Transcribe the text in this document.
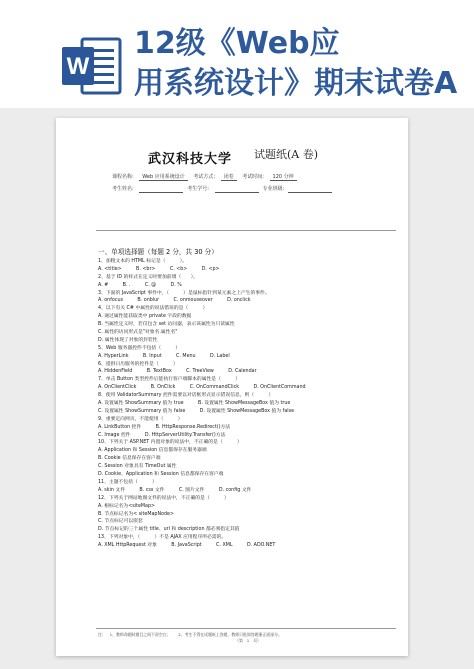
W
12级《Web应
用系统设计》期末试卷A
武汉科技大学 试题纸(A 卷)
课程名称: Web 应用系统设计 考试方式: 闭卷 考试时间: 120 分钟
考生姓名:	考生学号:	专业班级:
一、单项选择题（每题 2 分，共 30 分）
1、加粗文本的 HTML 标记是（　　　）。
A. <title>　　　B. <br>　　　C. <b>　　　D. <p>
2、基于 ID 的样式在定义时要加前缀（　　）。
A. #　　　B. .　　　C. @　　　D. %
3、下面的 JavaScript 事件中，（　　　）是鼠标指针到某元素之上产生的事件。
A. onfocus　　　B. onblur　　　C. onmouseover　　　D. onclick
4、以下有关 C# 中属性的说法错误的是（　　　）
A. 通过属性能获取类中 private 字段的数据
B. 当属性定义时，若仅包含 set 访问器，表示该属性为只读属性
C. 属性的访问形式是"对象名.属性名"
D. 属性体现了对象的封装性
5、Web 服务器控件不包括（　　　）
A. HyperLink　　　B. Input　　　C. Menu　　　D. Label
6、提供日历服务的控件是（　　　）
A. HiddenField　　　B. TextBox　　　C. TreeView　　　D. Calendar
7、单击 Button 类型控件后能执行客户端脚本的属性是（　　　）
A. OnClientClick　　　B. OnClick　　　C. OnCommandClick　　　D. OnClientCommand
8、使用 ValidatorSummary 控件需要以对话框形式显示错误信息，则（　　　）
A. 设置属性 ShowSummary 值为 true　　　B. 设置属性 ShowMessageBox 值为 true
C. 设置属性 ShowSummary 值为 false　　　D. 设置属性 ShowMessageBox 值为 false
9、重要定向网页，不能使用（　　　）
A. LinkButton 控件　　　B. HttpResponse.Redirect()方法
C. Image 控件　　　D. HttpServerUtility.Transfer()方法
10、下列关于 ASP.NET 内置对象的说法中，不正确的是（　　　）
A. Application 和 Session 信息都保存在服务器端
B. Cookie 信息保存在客户端
C. Session 对象具有 TimeOut 属性
D. Cookie、Application 和 Session 信息都保存在客户端
11、主题不包括（　　　）
A. skin 文件　　　B. css 文件　　　C. 图片文件　　　D. config 文件
12、下列关于网站地图文件的说法中，不正确的是（　　　）
A. 根标记名为<siteMap>
B. 节点标记名为< siteMapNode>
C. 节点标记可以嵌套
D. 节点标记的三个属性 title、url 和 description 都必须指定其值
13、下列对象中，（　　　）不是 AJAX 应用程序所必需的。
A. XML HttpRequest 对象　　　B. JavaScript　　　C. XML　　　D. ADO.NET
注：　1、教师命题时题目之间不留空白；　　2、考生不得在试题纸上答题，教师只批阅答题册正面部分。
（第　1　页）
